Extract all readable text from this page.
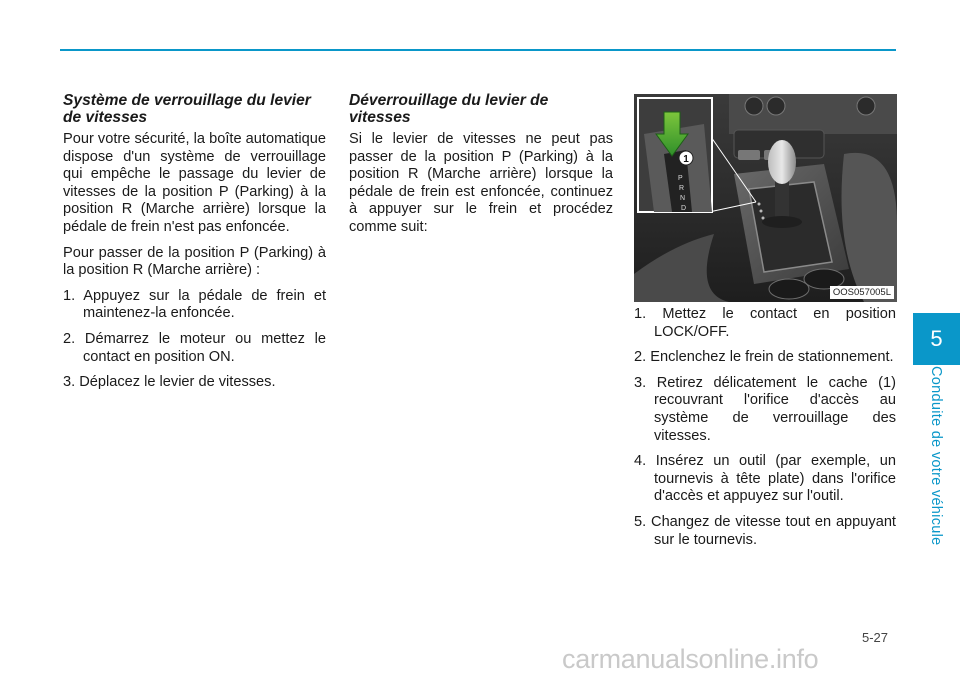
Système de verrouillage du levier de vitesses

Pour votre sécurité, la boîte automatique dispose d'un système de verrouillage qui empêche le passage du levier de vitesses de la position P (Parking) à la position R (Marche arrière) lorsque la pédale de frein n'est pas enfoncée.

Pour passer de la position P (Parking) à la position R (Marche arrière) :

1. Appuyez sur la pédale de frein et maintenez-la enfoncée.
2. Démarrez le moteur ou mettez le contact en position ON.
3. Déplacez le levier de vitesses.
Déverrouillage du levier de vitesses

Si le levier de vitesses ne peut pas passer de la position P (Parking) à la position R (Marche arrière) lorsque la pédale de frein est enfoncée, continuez à appuyer sur le frein et procédez comme suit:

P
R
N
D
1
OOS057005L
1. Mettez le contact en position LOCK/OFF.
2. Enclenchez le frein de stationnement.
3. Retirez délicatement le cache (1) recouvrant l'orifice d'accès au système de verrouillage des vitesses.
4. Insérez un outil (par exemple, un tournevis à tête plate) dans l'orifice d'accès et appuyez sur l'outil.
5. Changez de vitesse tout en appuyant sur le tournevis.
5
Conduite de votre véhicule
5-27
carmanualsonline.info
